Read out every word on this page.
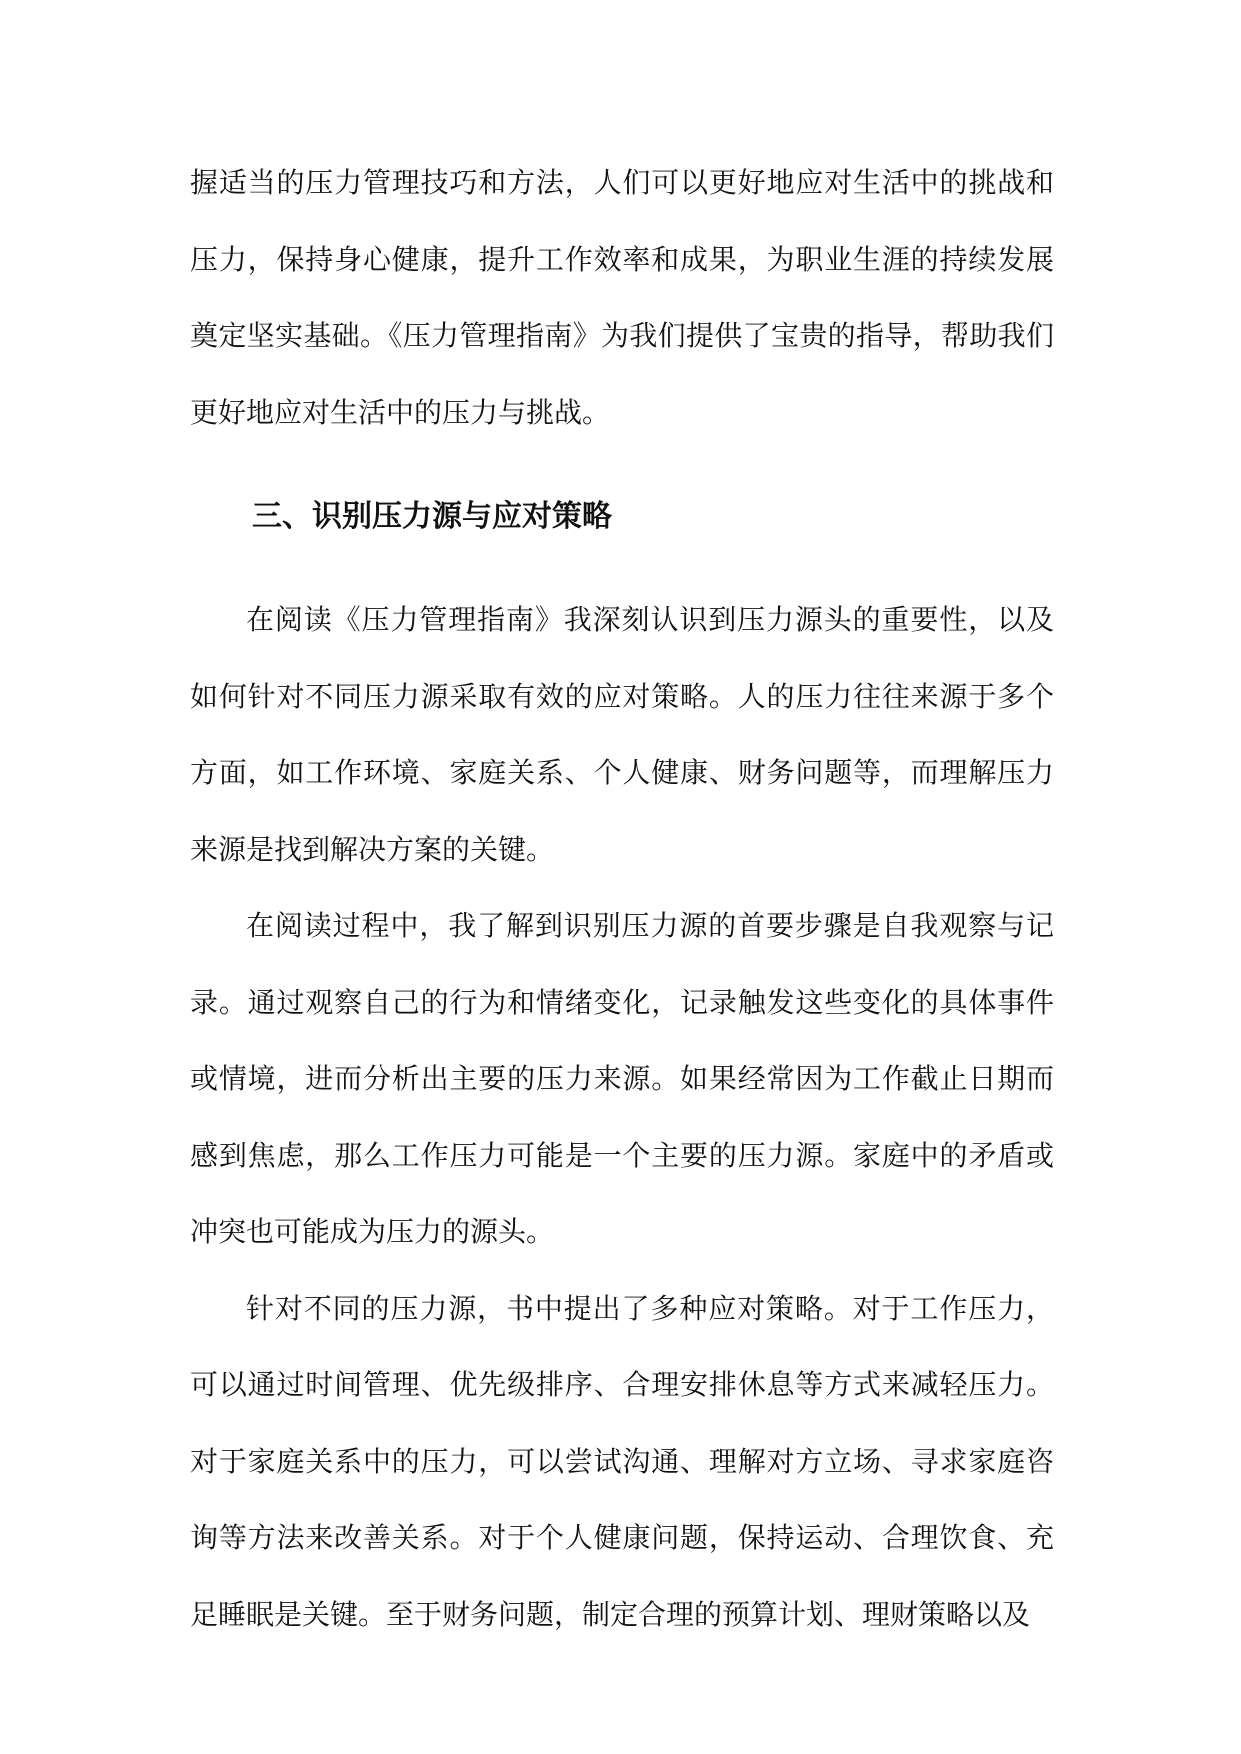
握适当的压力管理技巧和方法，人们可以更好地应对生活中的挑战和压力，保持身心健康，提升工作效率和成果，为职业生涯的持续发展奠定坚实基础。《压力管理指南》为我们提供了宝贵的指导，帮助我们更好地应对生活中的压力与挑战。

三、识别压力源与应对策略

在阅读《压力管理指南》我深刻认识到压力源头的重要性，以及如何针对不同压力源采取有效的应对策略。人的压力往往来源于多个方面，如工作环境、家庭关系、个人健康、财务问题等，而理解压力来源是找到解决方案的关键。

在阅读过程中，我了解到识别压力源的首要步骤是自我观察与记录。通过观察自己的行为和情绪变化，记录触发这些变化的具体事件或情境，进而分析出主要的压力来源。如果经常因为工作截止日期而感到焦虑，那么工作压力可能是一个主要的压力源。家庭中的矛盾或冲突也可能成为压力的源头。

针对不同的压力源，书中提出了多种应对策略。对于工作压力，可以通过时间管理、优先级排序、合理安排休息等方式来减轻压力。对于家庭关系中的压力，可以尝试沟通、理解对方立场、寻求家庭咨询等方法来改善关系。对于个人健康问题，保持运动、合理饮食、充足睡眠是关键。至于财务问题，制定合理的预算计划、理财策略以及
